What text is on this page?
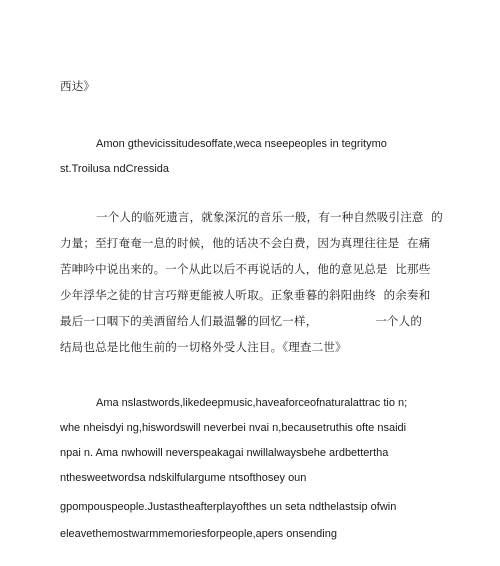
西达》
Amon gthevicissitudesoffate,weca nseepeoples in tegritymo
st.Troilusa ndCressida
一个人的临死遗言，就象深沉的音乐一般，有一种自然吸引注意  的
力量；至打奄奄一息的时候，他的话决不会白费，因为真理往往是  在痛
苦呻吟中说出来的。一个从此以后不再说话的人，他的意见总是  比那些
少年浮华之徒的甘言巧辩更能被人听取。正象垂暮的斜阳曲终  的余奏和
最后一口咽下的美酒留给人们最温馨的回忆一样，               一个人的
结局也总是比他生前的一切格外受人注目。《理查二世》
Ama nslastwords,likedeepmusic,haveaforceofnaturalattrac tio n;
whe nheisdyi ng,hiswordswill neverbei nvai n,becausetruthis ofte nsaidi
npai n. Ama nwhowill neverspeakagai nwillalwaysbehe ardbettertha
nthesweetwordsa ndskilfulargume ntsofthosey oun
gpompouspeople.Justastheafterplayofthes un seta ndthelastsip ofwin
eleavethemostwarmmemoriesforpeople,apers onsending
